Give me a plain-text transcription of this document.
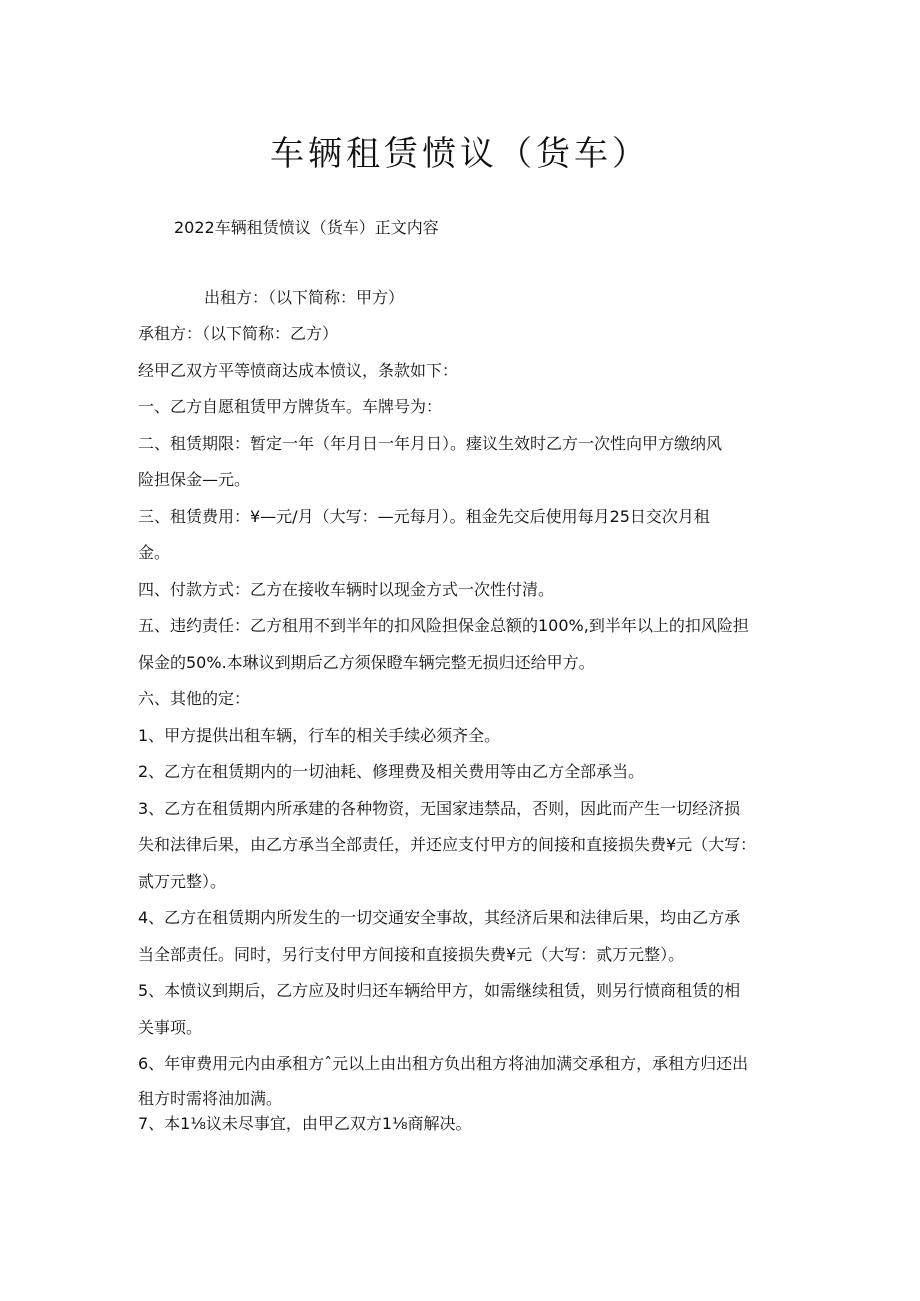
车辆租赁愤议（货车）

2022车辆租赁愤议（货车）正文内容

出租方：（以下简称：甲方）

承租方：（以下简称：乙方）

经甲乙双方平等愤商达成本愤议，条款如下：

一、乙方自愿租赁甲方牌货车。车牌号为：

二、租赁期限：暂定一年（年月日一年月日）。瘗议生效时乙方一次性向甲方缴纳风

险担保金—元。

三、租赁费用：¥—元/月（大写：—元每月）。租金先交后使用每月25日交次月租

金。

四、付款方式：乙方在接收车辆时以现金方式一次性付清。

五、违约责任：乙方租用不到半年的扣风险担保金总额的100%,到半年以上的扣风险担

保金的50%.本琳议到期后乙方须保瞪车辆完整无损归还给甲方。

六、其他的定：

1、甲方提供出租车辆，行车的相关手续必须齐全。

2、乙方在租赁期内的一切油耗、修理费及相关费用等由乙方全部承当。

3、乙方在租赁期内所承建的各种物资，无国家违禁品，否则，因此而产生一切经济损

失和法律后果，由乙方承当全部责任，并还应支付甲方的间接和直接损失费¥元（大写：

贰万元整）。

4、乙方在租赁期内所发生的一切交通安全事故，其经济后果和法律后果，均由乙方承

当全部责任。同时，另行支付甲方间接和直接损失费¥元（大写：贰万元整）。

5、本愤议到期后，乙方应及时归还车辆给甲方，如需继续租赁，则另行愤商租赁的相

关事项。

6、年审费用元内由承租方ˆ元以上由出租方负出租方将油加满交承租方，承租方归还出

租方时需将油加满。

7、本1⅛议未尽事宜，由甲乙双方1⅛商解决。
